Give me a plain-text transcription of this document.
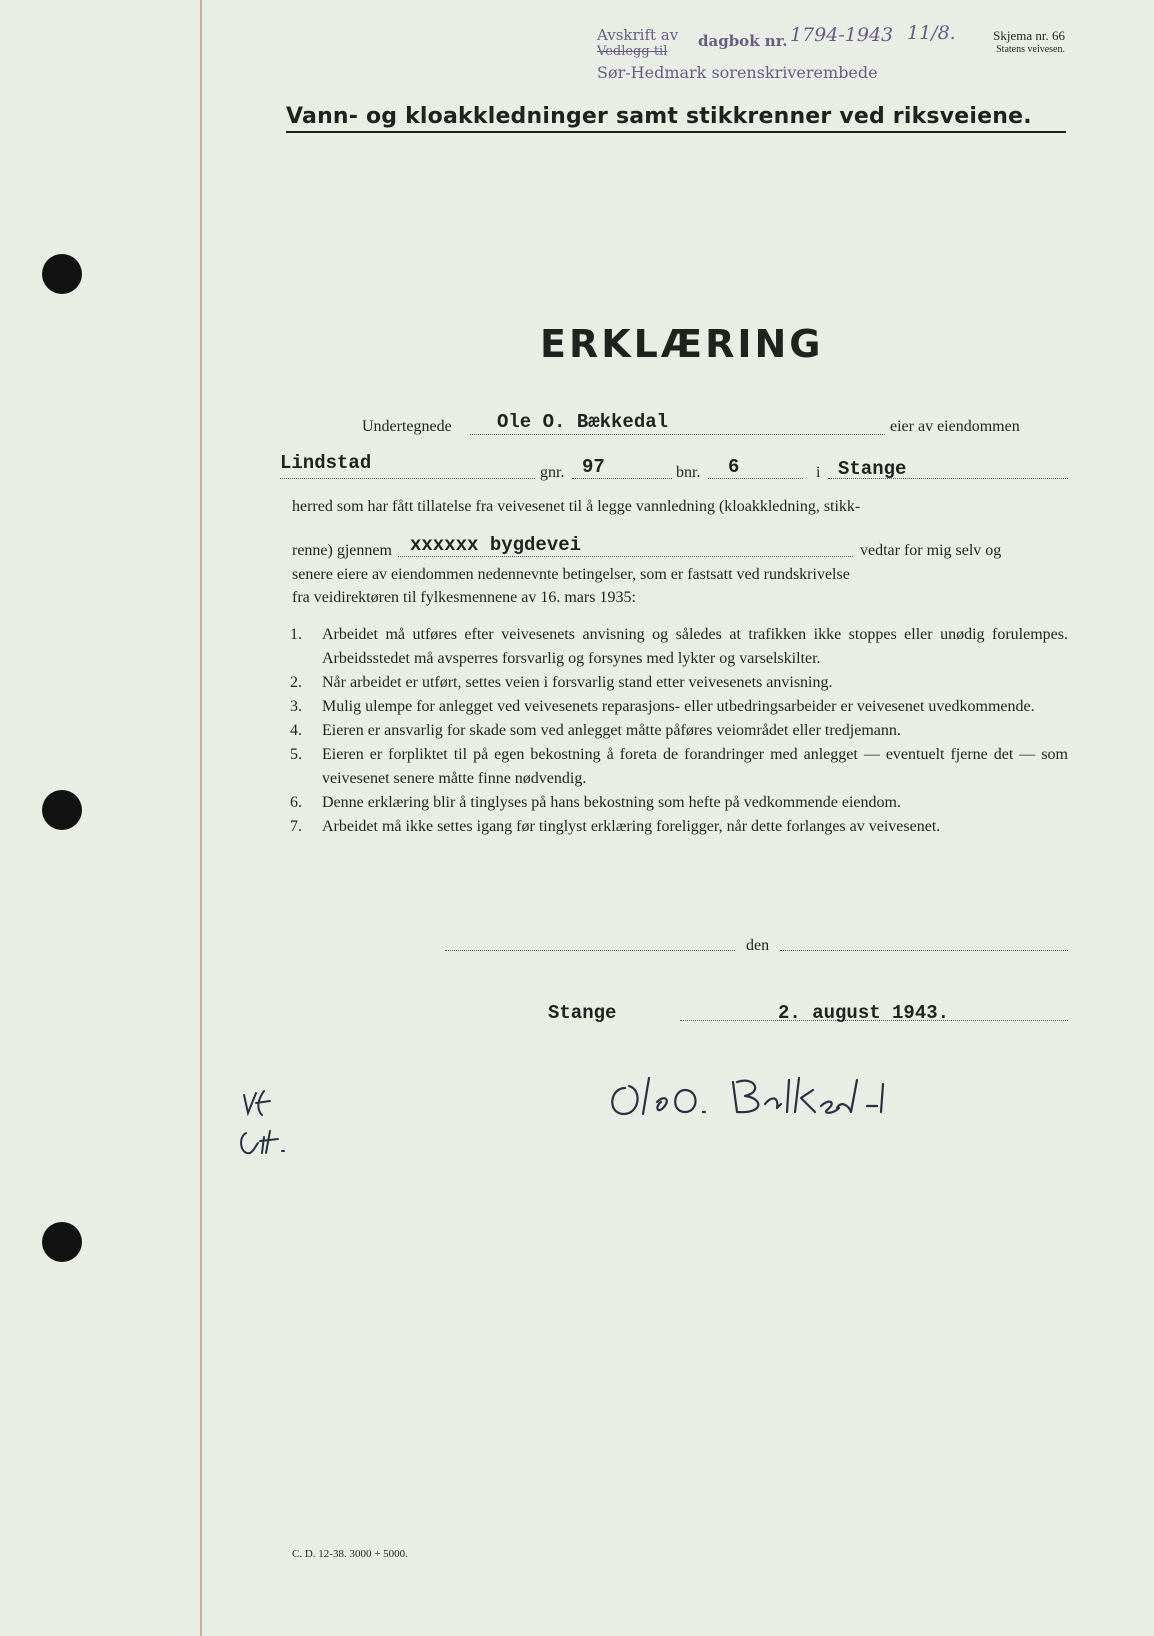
Avskrift av dagbok nr.
Vedlegg til
1794-1943 11/8.
Sør-Hedmark sorenskriverembede
Skjema nr. 66
Statens veivesen.
Vann- og kloakkledninger samt stikkrenner ved riksveiene.
ERKLÆRING
Undertegnede Ole O. Bækkedal	eier av eiendommen
Lindstad	gnr. 97	bnr. 6	i Stange
herred som har fått tillatelse fra veivesenet til å legge vannledning (kloakkledning, stikk-
renne) gjennem xxxxxx bygdevei	vedtar for mig selv og
senere eiere av eiendommen nedennevnte betingelser, som er fastsatt ved rundskrivelse
fra veidirektøren til fylkesmennene av 16. mars 1935:
1.	Arbeidet må utføres efter veivesenets anvisning og således at trafikken ikke stoppes eller unødig forulempes. Arbeidsstedet må avsperres forsvarlig og forsynes med lykter og varselskilter.
2.	Når arbeidet er utført, settes veien i forsvarlig stand etter veivesenets anvisning.
3.	Mulig ulempe for anlegget ved veivesenets reparasjons- eller utbedringsarbeider er veivesenet uvedkommende.
4.	Eieren er ansvarlig for skade som ved anlegget måtte påføres veiområdet eller tredjemann.
5.	Eieren er forpliktet til på egen bekostning å foreta de forandringer med anlegget — eventuelt fjerne det — som veivesenet senere måtte finne nødvendig.
6.	Denne erklæring blir å tinglyses på hans bekostning som hefte på vedkommende eiendom.
7.	Arbeidet må ikke settes igang før tinglyst erklæring foreligger, når dette forlanges av veivesenet.
den
Stange	2. august 1943.
C. D. 12-38. 3000 + 5000.
